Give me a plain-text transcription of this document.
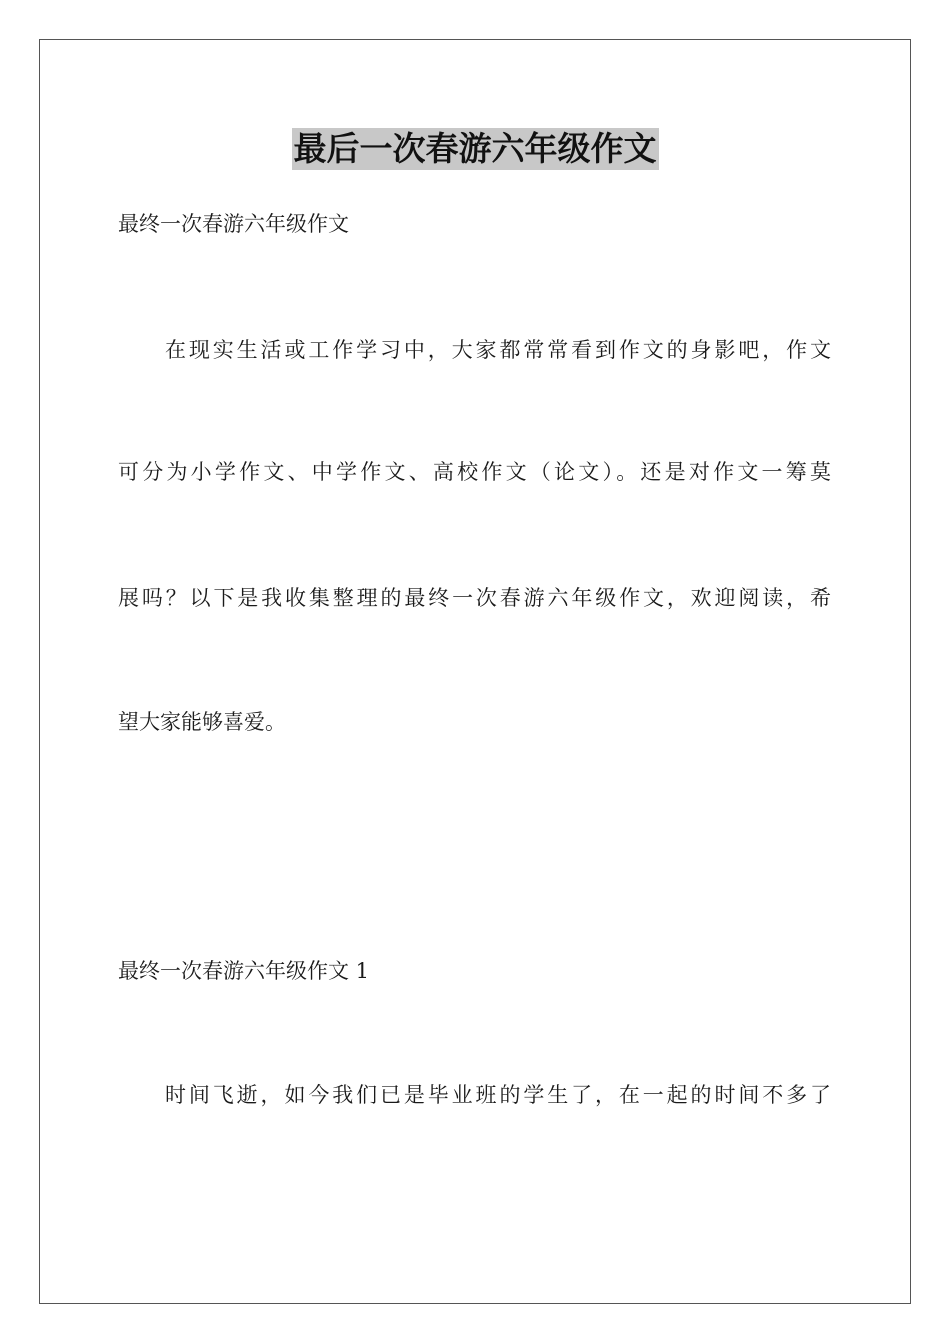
最后一次春游六年级作文

最终一次春游六年级作文

在现实生活或工作学习中，大家都常常看到作文的身影吧，作文

可分为小学作文、中学作文、高校作文（论文）。还是对作文一筹莫

展吗？以下是我收集整理的最终一次春游六年级作文，欢迎阅读，希

望大家能够喜爱。

最终一次春游六年级作文 1

时间飞逝，如今我们已是毕业班的学生了，在一起的时间不多了
